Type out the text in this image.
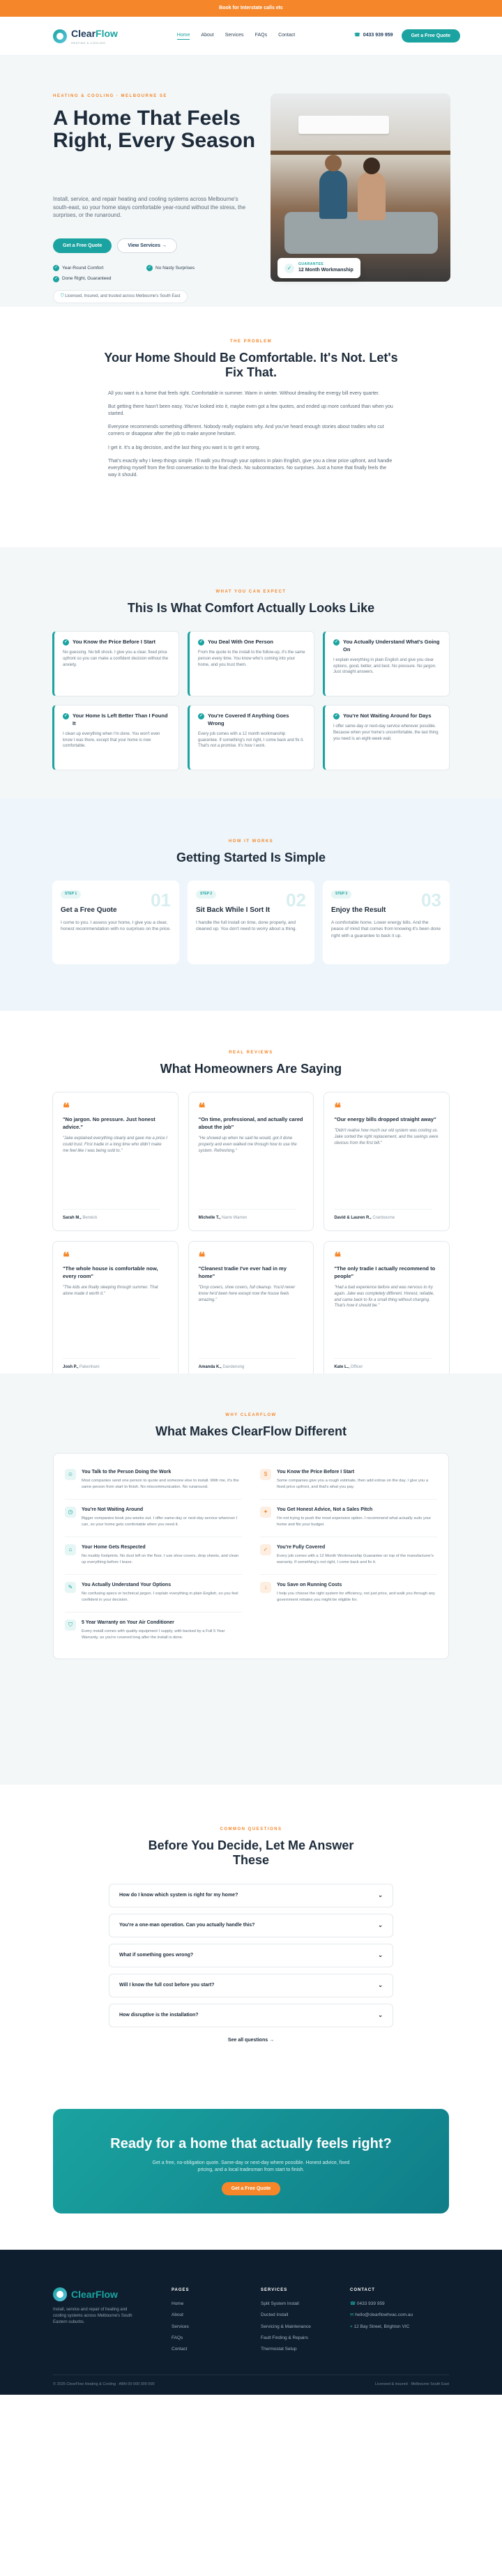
Book for Interstate calls etc
ClearFlow
HEATING & COOLING
Home About Services FAQs Contact	☎ 0433 939 959	Get a Free Quote
HEATING & COOLING · MELBOURNE SE
A Home That Feels Right, Every Season

Install, service, and repair heating and cooling systems across Melbourne's south-east, so your home stays comfortable year-round without the stress, the surprises, or the runaround.

Get a Free Quote	View Services →
✓ Year-Round Comfort	✓ No Nasty Surprises
✓ Done Right, Guaranteed
⛉ Licensed, Insured, and trusted across Melbourne's South East
✓
GUARANTEE
12 Month Workmanship
THE PROBLEM
Your Home Should Be Comfortable. It's Not. Let's Fix That.

All you want is a home that feels right. Comfortable in summer. Warm in winter. Without dreading the energy bill every quarter.

But getting there hasn't been easy. You've looked into it, maybe even got a few quotes, and ended up more confused than when you started.

Everyone recommends something different. Nobody really explains why. And you've heard enough stories about tradies who cut corners or disappear after the job to make anyone hesitant.

I get it. It's a big decision, and the last thing you want is to get it wrong.

That's exactly why I keep things simple. I'll walk you through your options in plain English, give you a clear price upfront, and handle everything myself from the first conversation to the final check. No subcontractors. No surprises. Just a home that finally feels the way it should.

WHAT YOU CAN EXPECT
This Is What Comfort Actually Looks Like
✓ You Know the Price Before I Start

No guessing. No bill shock. I give you a clear, fixed price upfront so you can make a confident decision without the anxiety.

✓ You Deal With One Person

From the quote to the install to the follow-up, it's the same person every time. You know who's coming into your home, and you trust them.

✓ You Actually Understand What's Going On

I explain everything in plain English and give you clear options, good, better, and best. No pressure. No jargon. Just straight answers.

✓ Your Home Is Left Better Than I Found It

I clean up everything when I'm done. You won't even know I was there, except that your home is now comfortable.

✓ You're Covered If Anything Goes Wrong

Every job comes with a 12 month workmanship guarantee. If something's not right, I come back and fix it. That's not a promise. It's how I work.

✓ You're Not Waiting Around for Days

I offer same-day or next-day service wherever possible. Because when your home's uncomfortable, the last thing you need is an eight-week wait.

HOW IT WORKS
Getting Started Is Simple
STEP 1	01
Get a Free Quote

I come to you. I assess your home, I give you a clear, honest recommendation with no surprises on the price.

STEP 2	02
Sit Back While I Sort It

I handle the full install on time, done properly, and cleaned up. You don't need to worry about a thing.

STEP 3	03
Enjoy the Result

A comfortable home. Lower energy bills. And the peace of mind that comes from knowing it's been done right with a guarantee to back it up.

REAL REVIEWS
What Homeowners Are Saying
❝
"No jargon. No pressure. Just honest advice."

"Jake explained everything clearly and gave me a price I could trust. First tradie in a long time who didn't make me feel like I was being sold to."

Sarah M., Berwick
❝
"On time, professional, and actually cared about the job"

"He showed up when he said he would, got it done properly and even walked me through how to use the system. Refreshing."

Michelle T., Narre Warren
❝
"Our energy bills dropped straight away"

"Didn't realise how much our old system was costing us. Jake sorted the right replacement, and the savings were obvious from the first bill."

David & Lauren R., Cranbourne
❝
"The whole house is comfortable now, every room"

"The kids are finally sleeping through summer. That alone made it worth it."

Josh P., Pakenham
❝
"Cleanest tradie I've ever had in my home"

"Drop covers, shoe covers, full cleanup. You'd never know he'd been here except now the house feels amazing."

Amanda K., Dandenong
❝
"The only tradie I actually recommend to people"

"Had a bad experience before and was nervous to try again. Jake was completely different. Honest, reliable, and came back to fix a small thing without charging. That's how it should be."

Kate L., Officer
WHY CLEARFLOW
What Makes ClearFlow Different
☺	You Talk to the Person Doing the Work

Most companies send one person to quote and someone else to install. With me, it's the same person from start to finish. No miscommunication. No runaround.

◷	You're Not Waiting Around

Bigger companies book you weeks out. I offer same-day or next-day service wherever I can, so your home gets comfortable when you need it.

⌂	Your Home Gets Respected

No muddy footprints. No dust left on the floor. I use shoe covers, drop sheets, and clean up everything before I leave.

✎	You Actually Understand Your Options

No confusing specs or technical jargon. I explain everything in plain English, so you feel confident in your decision.

⛉	5 Year Warranty on Your Air Conditioner

Every install comes with quality equipment I supply, with backed by a Full 5 Year Warranty, so you're covered long after the install is done.

$	You Know the Price Before I Start

Some companies give you a rough estimate, then add extras on the day. I give you a fixed price upfront, and that's what you pay.

✦	You Get Honest Advice, Not a Sales Pitch

I'm not trying to push the most expensive option. I recommend what actually suits your home and fits your budget.

✓	You're Fully Covered

Every job comes with a 12 Month Workmanship Guarantee on top of the manufacturer's warranty. If something's not right, I come back and fix it.

↓	You Save on Running Costs

I help you choose the right system for efficiency, not just price, and walk you through any government rebates you might be eligible for.

COMMON QUESTIONS
Before You Decide, Let Me Answer These
How do I know which system is right for my home?	⌄
You're a one-man operation. Can you actually handle this?	⌄
What if something goes wrong?	⌄
Will I know the full cost before you start?	⌄
How disruptive is the installation?	⌄
See all questions →
Ready for a home that actually feels right?

Get a free, no-obligation quote. Same-day or next-day where possible. Honest advice, fixed pricing, and a local tradesman from start to finish.

Get a Free Quote
ClearFlow

Install, service and repair of heating and cooling systems across Melbourne's South Eastern suburbs.

PAGES
Home
About
Services
FAQs
Contact
SERVICES
Split System Install
Ducted Install
Servicing & Maintenance
Fault Finding & Repairs
Thermostat Setup
CONTACT
☎ 0433 939 959
✉ hello@clearflowhvac.com.au
⌖ 12 Bay Street, Brighton VIC
© 2025 ClearFlow Heating & Cooling · ABN 00 000 000 000	Licensed & insured · Melbourne South East
